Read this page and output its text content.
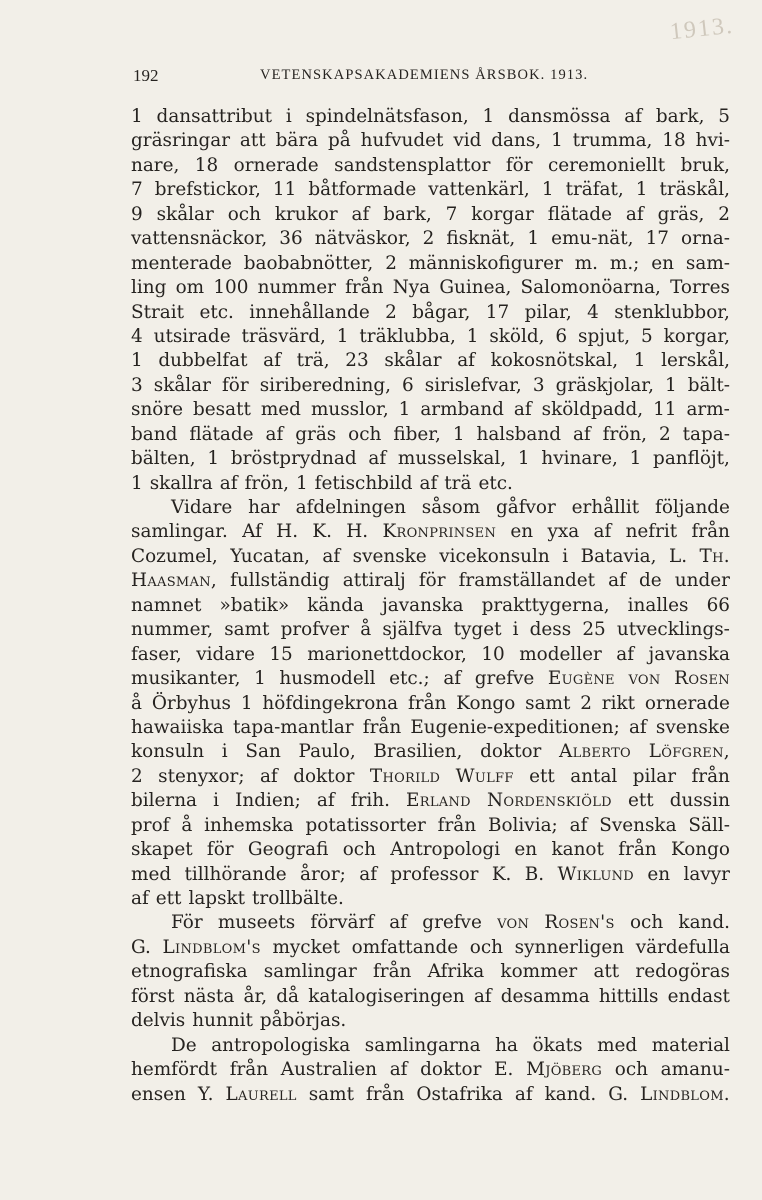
1913.
192	VETENSKAPSAKADEMIENS ÅRSBOK. 1913.
1 dansattribut i spindelnätsfason, 1 dansmössa af bark, 5
gräsringar att bära på hufvudet vid dans, 1 trumma, 18 hvi-
nare, 18 ornerade sandstensplattor för ceremoniellt bruk,
7 brefstickor, 11 båtformade vattenkärl, 1 träfat, 1 träskål,
9 skålar och krukor af bark, 7 korgar flätade af gräs, 2
vattensnäckor, 36 nätväskor, 2 fisknät, 1 emu-nät, 17 orna-
menterade baobabnötter, 2 människofigurer m. m.; en sam-
ling om 100 nummer från Nya Guinea, Salomonöarna, Torres
Strait etc. innehållande 2 bågar, 17 pilar, 4 stenklubbor,
4 utsirade träsvärd, 1 träklubba, 1 sköld, 6 spjut, 5 korgar,
1 dubbelfat af trä, 23 skålar af kokosnötskal, 1 lerskål,
3 skålar för siriberedning, 6 sirislefvar, 3 gräskjolar, 1 bält-
snöre besatt med musslor, 1 armband af sköldpadd, 11 arm-
band flätade af gräs och fiber, 1 halsband af frön, 2 tapa-
bälten, 1 bröstprydnad af musselskal, 1 hvinare, 1 panflöjt,
1 skallra af frön, 1 fetischbild af trä etc.
Vidare har afdelningen såsom gåfvor erhållit följande
samlingar. Af H. K. H. Kronprinsen en yxa af nefrit från
Cozumel, Yucatan, af svenske vicekonsuln i Batavia, L. Th.
Haasman, fullständig attiralj för framställandet af de under
namnet »batik» kända javanska prakttygerna, inalles 66
nummer, samt profver å själfva tyget i dess 25 utvecklings-
faser, vidare 15 marionettdockor, 10 modeller af javanska
musikanter, 1 husmodell etc.; af grefve Eugène von Rosen
å Örbyhus 1 höfdingekrona från Kongo samt 2 rikt ornerade
hawaiiska tapa-mantlar från Eugenie-expeditionen; af svenske
konsuln i San Paulo, Brasilien, doktor Alberto Löfgren,
2 stenyxor; af doktor Thorild Wulff ett antal pilar från
bilerna i Indien; af frih. Erland Nordenskiöld ett dussin
prof å inhemska potatissorter från Bolivia; af Svenska Säll-
skapet för Geografi och Antropologi en kanot från Kongo
med tillhörande åror; af professor K. B. Wiklund en lavyr
af ett lapskt trollbälte.
För museets förvärf af grefve von Rosen's och kand.
G. Lindblom's mycket omfattande och synnerligen värdefulla
etnografiska samlingar från Afrika kommer att redogöras
först nästa år, då katalogiseringen af desamma hittills endast
delvis hunnit påbörjas.
De antropologiska samlingarna ha ökats med material
hemfördt från Australien af doktor E. Mjöberg och amanu-
ensen Y. Laurell samt från Ostafrika af kand. G. Lindblom.
